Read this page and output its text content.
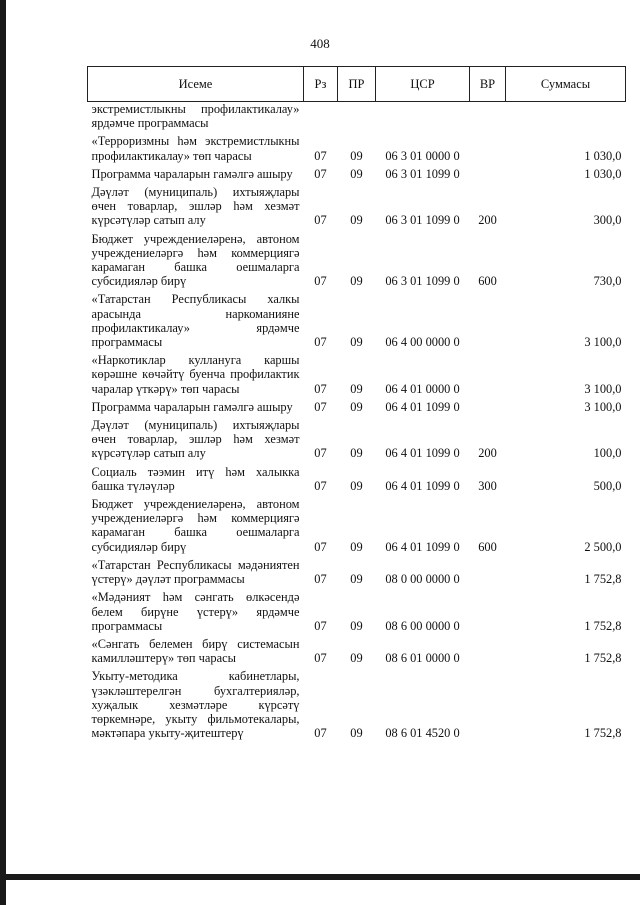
408
Исеме	Рз	ПР	ЦСР	ВР	Суммасы
экстремистлыкны профилактикалау» ярдәмче программасы					
«Терроризмны һәм экстремистлыкны профилактикалау» төп чарасы	07	09	06 3 01 0000 0		1 030,0
Программа чараларын гамәлгә ашыру	07	09	06 3 01 1099 0		1 030,0
Дәүләт (муниципаль) ихтыяҗлары өчен товарлар, эшләр һәм хезмәт күрсәтүләр сатып алу	07	09	06 3 01 1099 0	200	300,0
Бюджет учреждениеләренә, автоном учреждениеләргә һәм коммерциягә карамаган башка оешмаларга субсидияләр бирү	07	09	06 3 01 1099 0	600	730,0
«Татарстан Республикасы халкы арасында наркоманияне профилактикалау» ярдәмче программасы	07	09	06 4 00 0000 0		3 100,0
«Наркотиклар куллануга каршы көрәшне көчәйтү буенча профилактик чаралар үткәрү» төп чарасы	07	09	06 4 01 0000 0		3 100,0
Программа чараларын гамәлгә ашыру	07	09	06 4 01 1099 0		3 100,0
Дәүләт (муниципаль) ихтыяҗлары өчен товарлар, эшләр һәм хезмәт күрсәтүләр сатып алу	07	09	06 4 01 1099 0	200	100,0
Социаль тәэмин итү һәм халыкка башка түләүләр	07	09	06 4 01 1099 0	300	500,0
Бюджет учреждениеләренә, автоном учреждениеләргә һәм коммерциягә карамаган башка оешмаларга субсидияләр бирү	07	09	06 4 01 1099 0	600	2 500,0
«Татарстан Республикасы мәдәниятен үстерү» дәүләт программасы	07	09	08 0 00 0000 0		1 752,8
«Мәдәният һәм сәнгать өлкәсендә белем бирүне үстерү» ярдәмче программасы	07	09	08 6 00 0000 0		1 752,8
«Сәнгать белемен бирү системасын камилләштерү» төп чарасы	07	09	08 6 01 0000 0		1 752,8
Укыту-методика кабинетлары, үзәкләштерелгән бухгалтерияләр, хуҗалык хезмәтләре күрсәтү төркемнәре, укыту фильмотекалары, мәктәпара укыту-җитештерү	07	09	08 6 01 4520 0		1 752,8
